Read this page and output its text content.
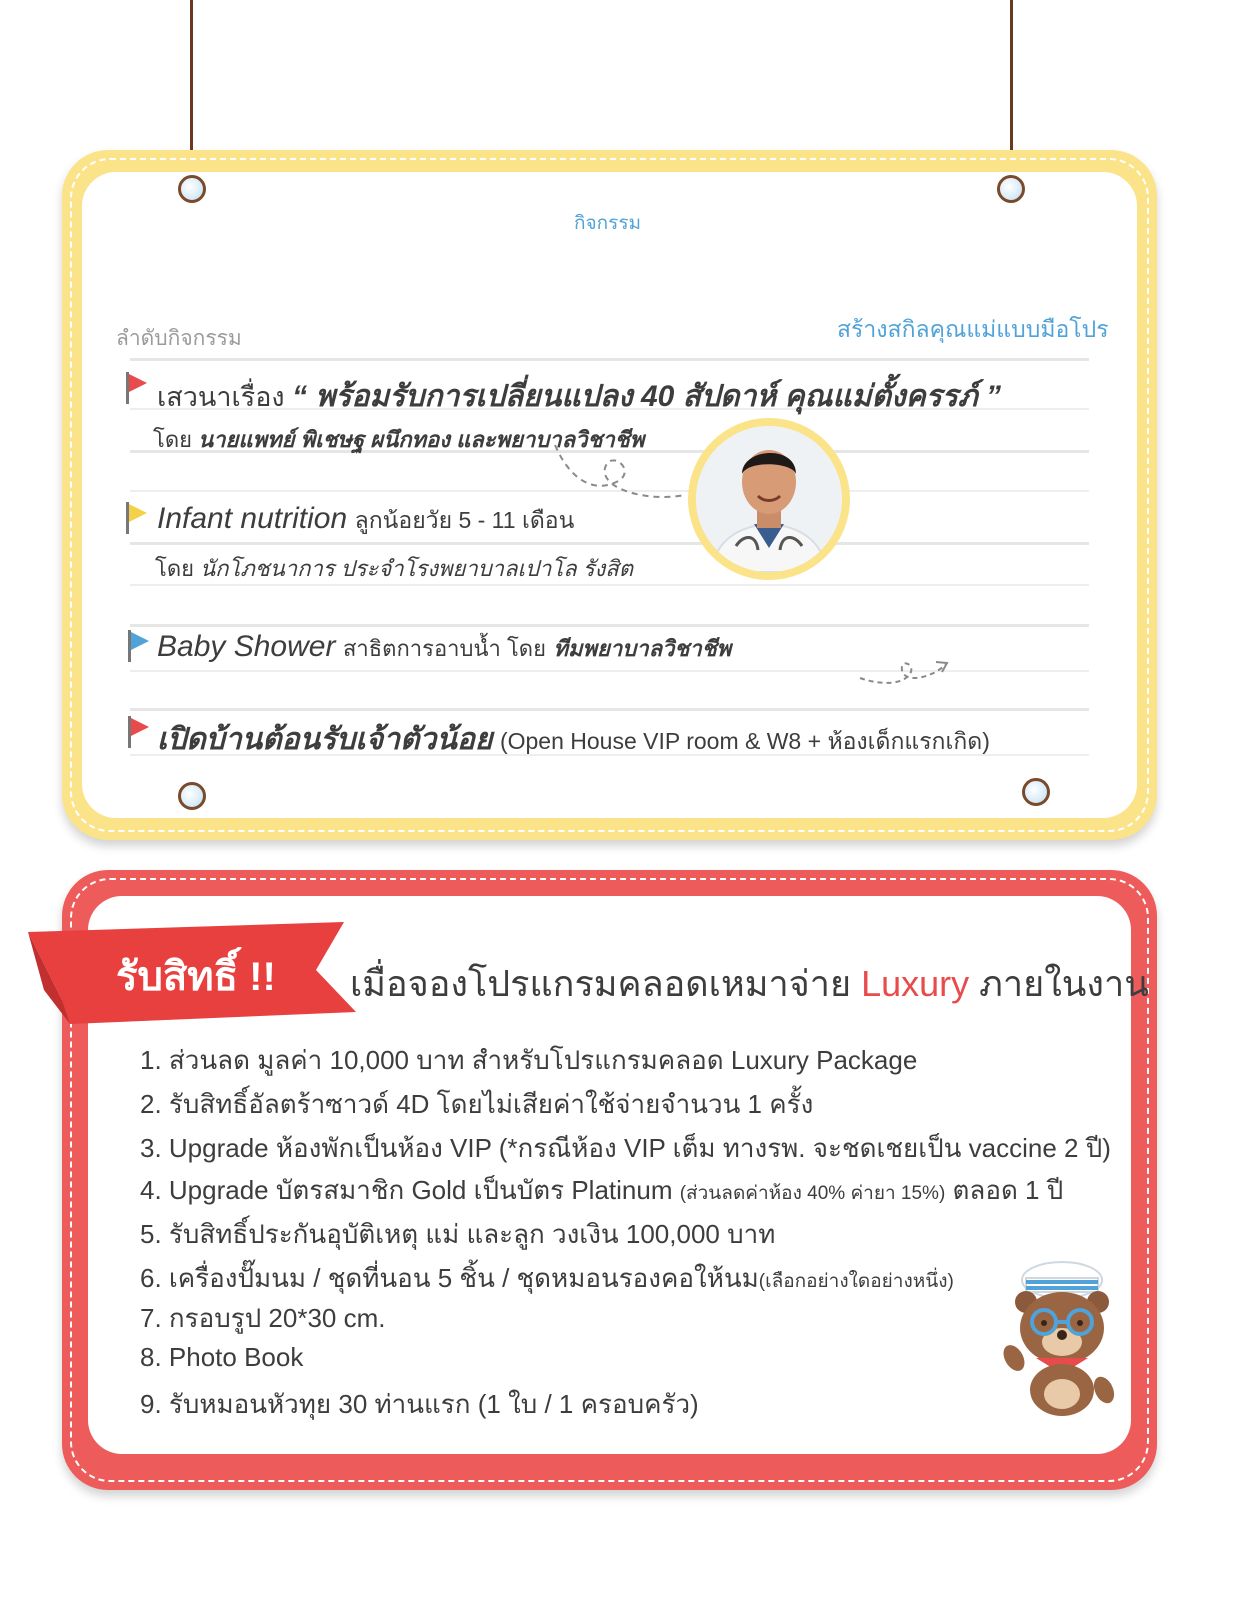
กิจกรรม
ลำดับกิจกรรม	สร้างสกิลคุณแม่แบบมือโปร
เสวนาเรื่อง “ พร้อมรับการเปลี่ยนแปลง 40 สัปดาห์ คุณแม่ตั้งครรภ์ ”
โดย นายแพทย์ พิเชษฐ ผนึกทอง และพยาบาลวิชาชีพ
Infant nutrition ลูกน้อยวัย 5 - 11 เดือน
โดย นักโภชนาการ ประจำโรงพยาบาลเปาโล รังสิต
Baby Shower สาธิตการอาบน้ำ โดย ทีมพยาบาลวิชาชีพ
เปิดบ้านต้อนรับเจ้าตัวน้อย (Open House VIP room & W8 + ห้องเด็กแรกเกิด)
รับสิทธิ์ !! เมื่อจองโปรแกรมคลอดเหมาจ่าย Luxury ภายในงาน
1. ส่วนลด มูลค่า 10,000 บาท สำหรับโปรแกรมคลอด Luxury Package
2. รับสิทธิ์อัลตร้าซาวด์ 4D โดยไม่เสียค่าใช้จ่ายจำนวน 1 ครั้ง
3. Upgrade ห้องพักเป็นห้อง VIP (*กรณีห้อง VIP เต็ม ทางรพ. จะชดเชยเป็น vaccine 2 ปี)
4. Upgrade บัตรสมาชิก Gold เป็นบัตร Platinum (ส่วนลดค่าห้อง 40% ค่ายา 15%) ตลอด 1 ปี
5. รับสิทธิ์ประกันอุบัติเหตุ แม่ และลูก วงเงิน 100,000 บาท
6. เครื่องปั๊มนม / ชุดที่นอน 5 ชิ้น / ชุดหมอนรองคอให้นม(เลือกอย่างใดอย่างหนึ่ง)
7. กรอบรูป 20*30 cm.
8. Photo Book
9. รับหมอนหัวทุย 30 ท่านแรก (1 ใบ / 1 ครอบครัว)
